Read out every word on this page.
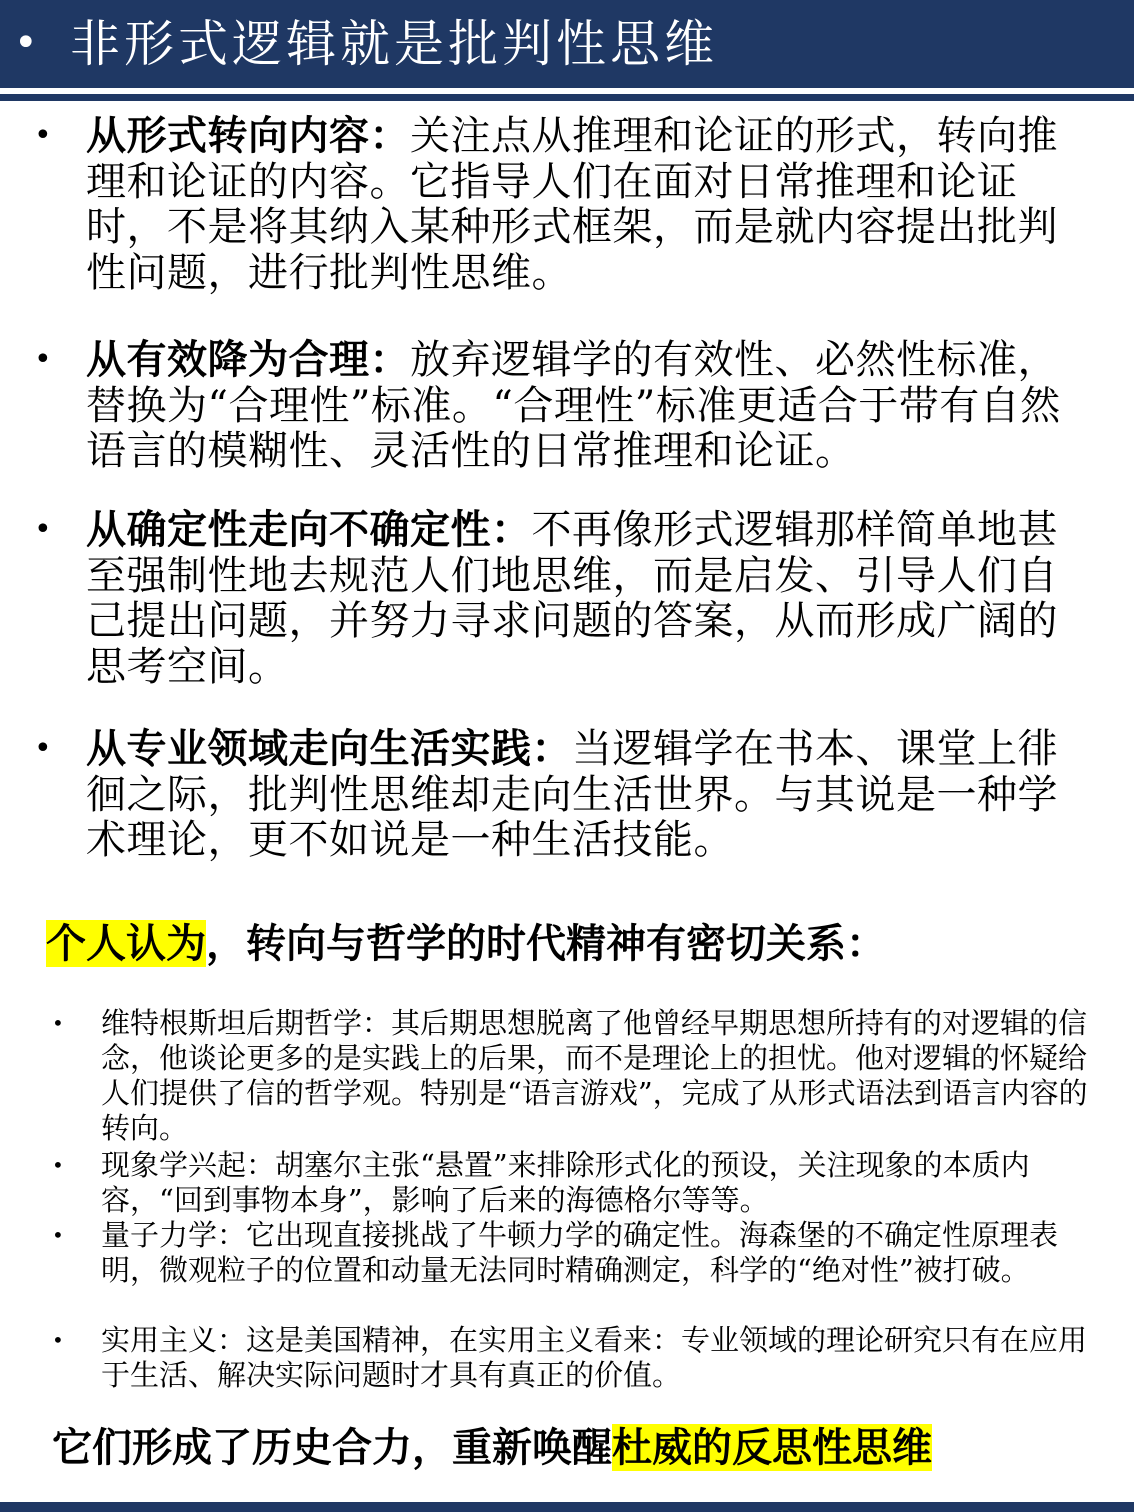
• 非形式逻辑就是批判性思维
• 从形式转向内容：关注点从推理和论证的形式，转向推理和论证的内容。它指导人们在面对日常推理和论证时，不是将其纳入某种形式框架，而是就内容提出批判性问题，进行批判性思维。
• 从有效降为合理：放弃逻辑学的有效性、必然性标准，替换为“合理性”标准。“合理性”标准更适合于带有自然语言的模糊性、灵活性的日常推理和论证。
• 从确定性走向不确定性：不再像形式逻辑那样简单地甚至强制性地去规范人们地思维，而是启发、引导人们自己提出问题，并努力寻求问题的答案，从而形成广阔的思考空间。
• 从专业领域走向生活实践：当逻辑学在书本、课堂上徘徊之际，批判性思维却走向生活世界。与其说是一种学术理论，更不如说是一种生活技能。
个人认为，转向与哲学的时代精神有密切关系：
• 维特根斯坦后期哲学：其后期思想脱离了他曾经早期思想所持有的对逻辑的信念，他谈论更多的是实践上的后果，而不是理论上的担忧。他对逻辑的怀疑给人们提供了信的哲学观。特别是“语言游戏”，完成了从形式语法到语言内容的转向。
• 现象学兴起：胡塞尔主张“悬置”来排除形式化的预设，关注现象的本质内容，“回到事物本身”，影响了后来的海德格尔等等。
• 量子力学：它出现直接挑战了牛顿力学的确定性。海森堡的不确定性原理表明，微观粒子的位置和动量无法同时精确测定，科学的“绝对性”被打破。
• 实用主义：这是美国精神，在实用主义看来：专业领域的理论研究只有在应用于生活、解决实际问题时才具有真正的价值。
它们形成了历史合力，重新唤醒杜威的反思性思维
